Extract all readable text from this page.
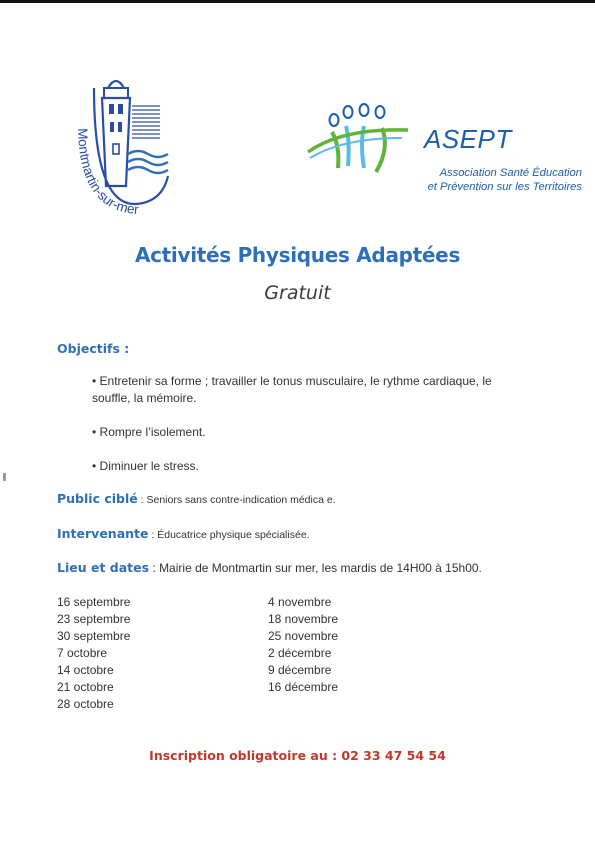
Montmartin-sur-mer
ASEPT
Association Santé Éducation
et Prévention sur les Territoires
Activités Physiques Adaptées
Gratuit
Objectifs :
• Entretenir sa forme ; travailler le tonus musculaire, le rythme cardiaque, le souffle, la mémoire.
• Rompre l’isolement.
• Diminuer le stress.
Public ciblé : Seniors sans contre-indication médica e.
Intervenante : Éducatrice physique spécialisée.
Lieu et dates : Mairie de Montmartin sur mer, les mardis de 14H00 à 15h00.
16 septembre
23 septembre
30 septembre
7 octobre
14 octobre
21 octobre
28 octobre
4 novembre
18 novembre
25 novembre
2 décembre
9 décembre
16 décembre
Inscription obligatoire au : 02 33 47 54 54
